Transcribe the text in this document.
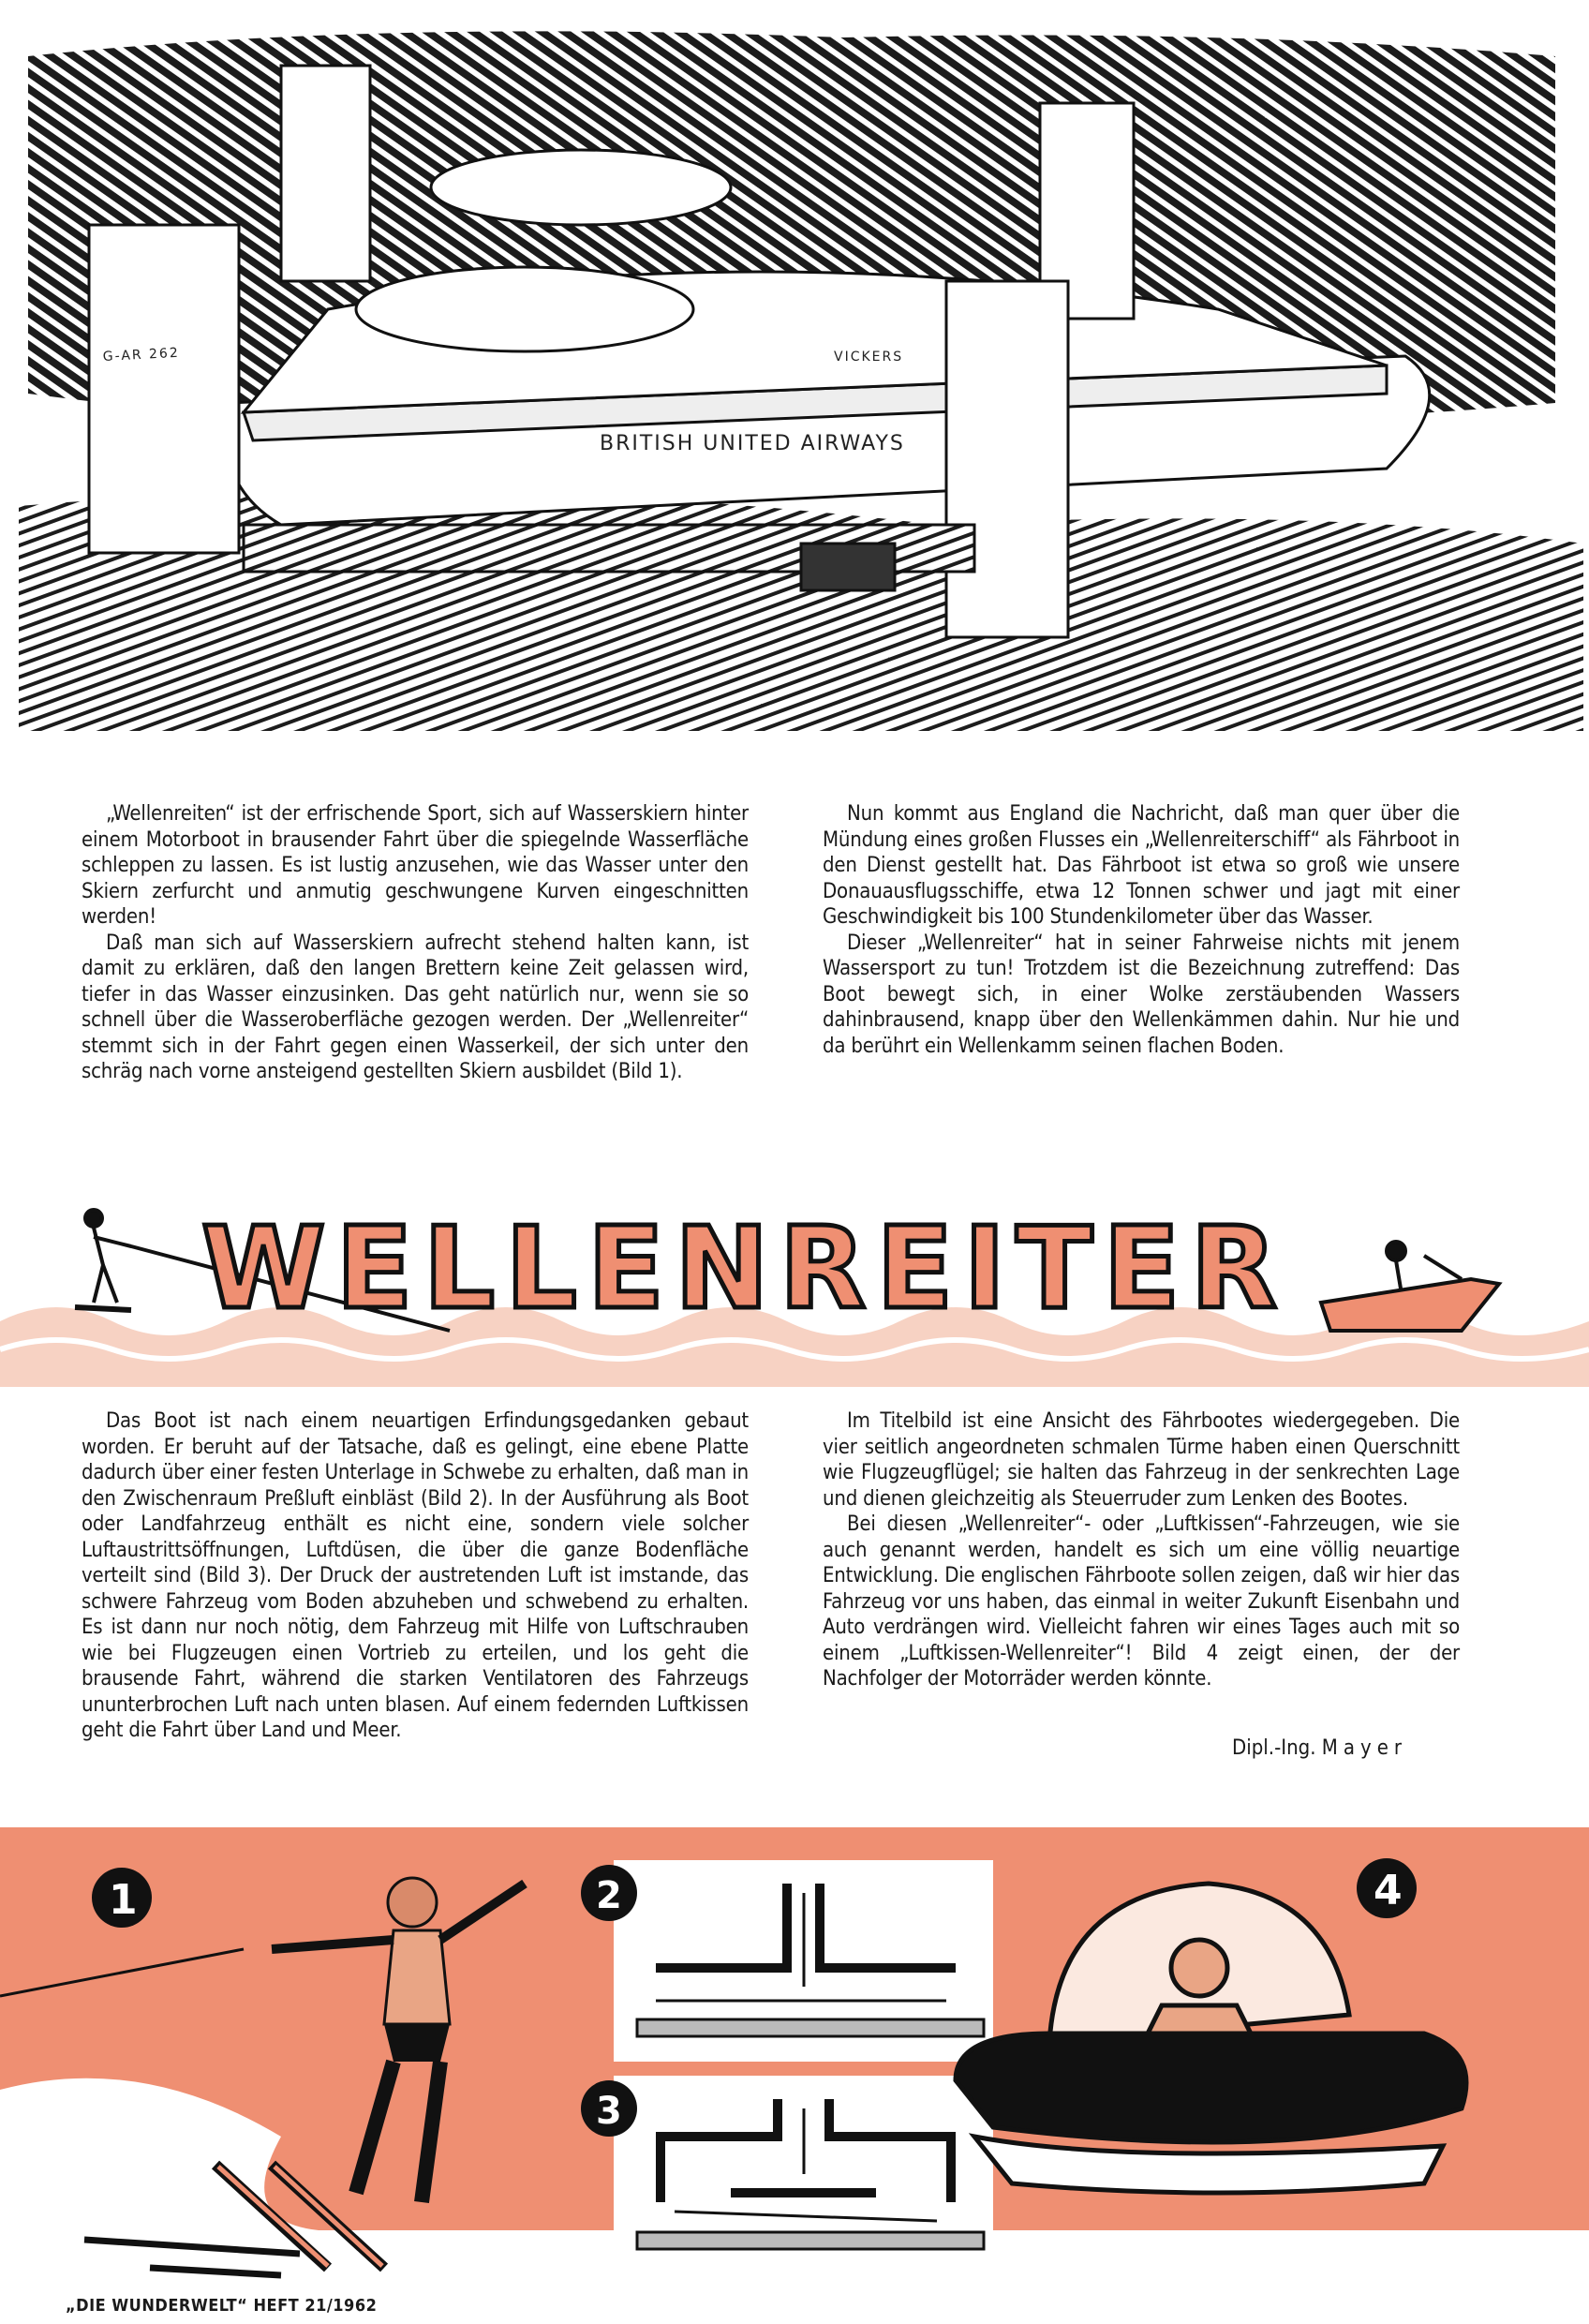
BRITISH UNITED AIRWAYS
VICKERS
G-AR 262

„Wellenreiten“ ist der erfrischende Sport, sich auf Wasserskiern hinter einem Motorboot in brausender Fahrt über die spiegelnde Wasserfläche schleppen zu lassen. Es ist lustig anzusehen, wie das Wasser unter den Skiern zerfurcht und anmutig geschwungene Kurven eingeschnitten werden!

Daß man sich auf Wasserskiern aufrecht stehend halten kann, ist damit zu erklären, daß den langen Brettern keine Zeit gelassen wird, tiefer in das Wasser einzusinken. Das geht natürlich nur, wenn sie so schnell über die Wasseroberfläche gezogen werden. Der „Wellenreiter“ stemmt sich in der Fahrt gegen einen Wasserkeil, der sich unter den schräg nach vorne ansteigend gestellten Skiern ausbildet (Bild 1).

Nun kommt aus England die Nachricht, daß man quer über die Mündung eines großen Flusses ein „Wellenreiterschiff“ als Fährboot in den Dienst gestellt hat. Das Fährboot ist etwa so groß wie unsere Donauausflugsschiffe, etwa 12 Tonnen schwer und jagt mit einer Geschwindigkeit bis 100 Stundenkilometer über das Wasser.

Dieser „Wellenreiter“ hat in seiner Fahrweise nichts mit jenem Wassersport zu tun! Trotzdem ist die Bezeichnung zutreffend: Das Boot bewegt sich, in einer Wolke zerstäubenden Wassers dahinbrausend, knapp über den Wellenkämmen dahin. Nur hie und da berührt ein Wellenkamm seinen flachen Boden.

WELLENREITER

Das Boot ist nach einem neuartigen Erfindungsgedanken gebaut worden. Er beruht auf der Tatsache, daß es gelingt, eine ebene Platte dadurch über einer festen Unterlage in Schwebe zu erhalten, daß man in den Zwischenraum Preßluft einbläst (Bild 2). In der Ausführung als Boot oder Landfahrzeug enthält es nicht eine, sondern viele solcher Luftaustrittsöffnungen, Luftdüsen, die über die ganze Bodenfläche verteilt sind (Bild 3). Der Druck der austretenden Luft ist imstande, das schwere Fahrzeug vom Boden abzuheben und schwebend zu erhalten. Es ist dann nur noch nötig, dem Fahrzeug mit Hilfe von Luftschrauben wie bei Flugzeugen einen Vortrieb zu erteilen, und los geht die brausende Fahrt, während die starken Ventilatoren des Fahrzeugs ununterbrochen Luft nach unten blasen. Auf einem federnden Luftkissen geht die Fahrt über Land und Meer.

Im Titelbild ist eine Ansicht des Fährbootes wiedergegeben. Die vier seitlich angeordneten schmalen Türme haben einen Querschnitt wie Flugzeugflügel; sie halten das Fahrzeug in der senkrechten Lage und dienen gleichzeitig als Steuerruder zum Lenken des Bootes.

Bei diesen „Wellenreiter“- oder „Luftkissen“-Fahrzeugen, wie sie auch genannt werden, handelt es sich um eine völlig neuartige Entwicklung. Die englischen Fährboote sollen zeigen, daß wir hier das Fahrzeug vor uns haben, das einmal in weiter Zukunft Eisenbahn und Auto verdrängen wird. Vielleicht fahren wir eines Tages auch mit so einem „Luftkissen-Wellenreiter“! Bild 4 zeigt einen, der der Nachfolger der Motorräder werden könnte.

Dipl.-Ing. Mayer
1	2
3
4
„DIE WUNDERWELT“ HEFT 21/1962
